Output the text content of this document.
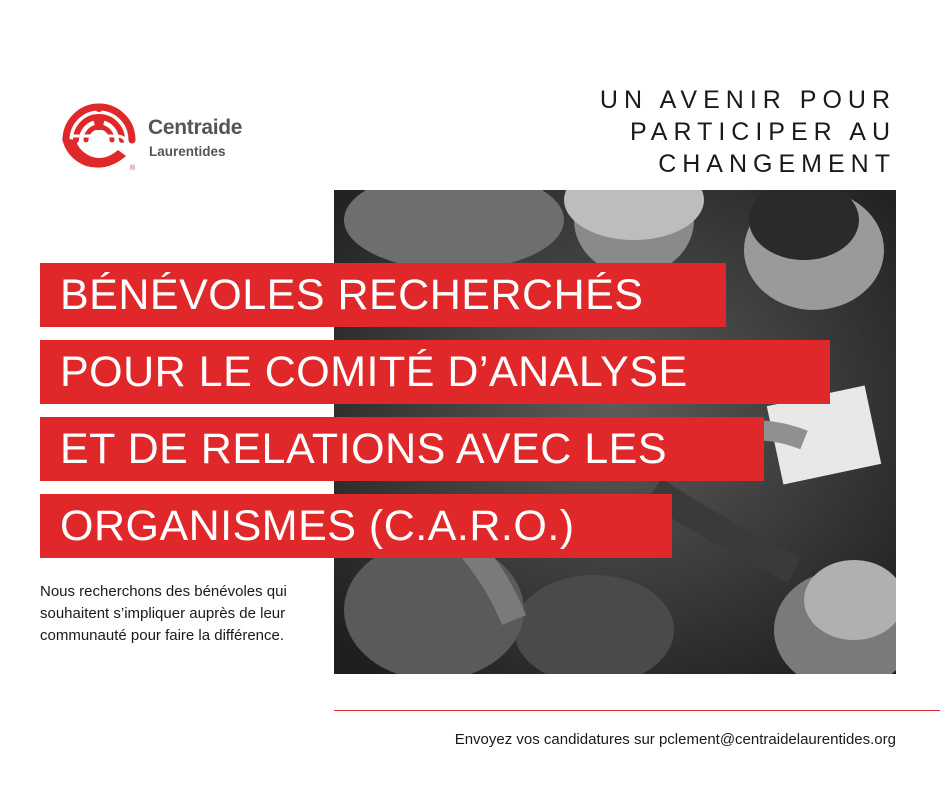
®
Centraide
Laurentides
UN AVENIR POUR
PARTICIPER AU
CHANGEMENT
BÉNÉVOLES RECHERCHÉS
POUR LE COMITÉ D’ANALYSE
ET DE RELATIONS AVEC LES
ORGANISMES (C.A.R.O.)
Nous recherchons des bénévoles qui souhaitent s’impliquer auprès de leur communauté pour faire la différence.
Envoyez vos candidatures sur pclement@centraidelaurentides.org
